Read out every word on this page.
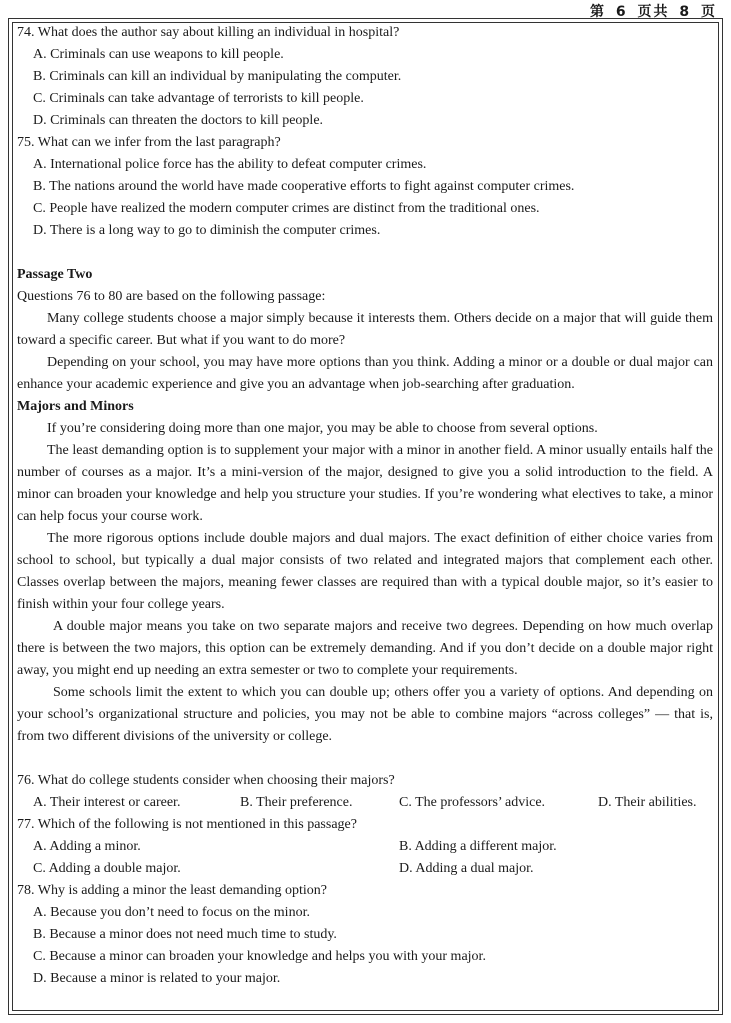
第 6 页共 8 页
74. What does the author say about killing an individual in hospital?
A. Criminals can use weapons to kill people.
B. Criminals can kill an individual by manipulating the computer.
C. Criminals can take advantage of terrorists to kill people.
D. Criminals can threaten the doctors to kill people.
75. What can we infer from the last paragraph?
A. International police force has the ability to defeat computer crimes.
B. The nations around the world have made cooperative efforts to fight against computer crimes.
C. People have realized the modern computer crimes are distinct from the traditional ones.
D. There is a long way to go to diminish the computer crimes.
Passage Two
Questions 76 to 80 are based on the following passage:
Many college students choose a major simply because it interests them. Others decide on a major that will guide them toward a specific career. But what if you want to do more?
Depending on your school, you may have more options than you think. Adding a minor or a double or dual major can enhance your academic experience and give you an advantage when job-searching after graduation.
Majors and Minors
If you’re considering doing more than one major, you may be able to choose from several options.
The least demanding option is to supplement your major with a minor in another field. A minor usually entails half the number of courses as a major. It’s a mini-version of the major, designed to give you a solid introduction to the field. A minor can broaden your knowledge and help you structure your studies. If you’re wondering what electives to take, a minor can help focus your course work.
The more rigorous options include double majors and dual majors. The exact definition of either choice varies from school to school, but typically a dual major consists of two related and integrated majors that complement each other. Classes overlap between the majors, meaning fewer classes are required than with a typical double major, so it’s easier to finish within your four college years.
A double major means you take on two separate majors and receive two degrees. Depending on how much overlap there is between the two majors, this option can be extremely demanding. And if you don’t decide on a double major right away, you might end up needing an extra semester or two to complete your requirements.
Some schools limit the extent to which you can double up; others offer you a variety of options. And depending on your school’s organizational structure and policies, you may not be able to combine majors “across colleges” — that is, from two different divisions of the university or college.
76. What do college students consider when choosing their majors?
A. Their interest or career.	B. Their preference.	C. The professors’ advice.	D. Their abilities.
77. Which of the following is not mentioned in this passage?
A. Adding a minor.	B. Adding a different major.
C. Adding a double major.	D. Adding a dual major.
78. Why is adding a minor the least demanding option?
A. Because you don’t need to focus on the minor.
B. Because a minor does not need much time to study.
C. Because a minor can broaden your knowledge and helps you with your major.
D. Because a minor is related to your major.
